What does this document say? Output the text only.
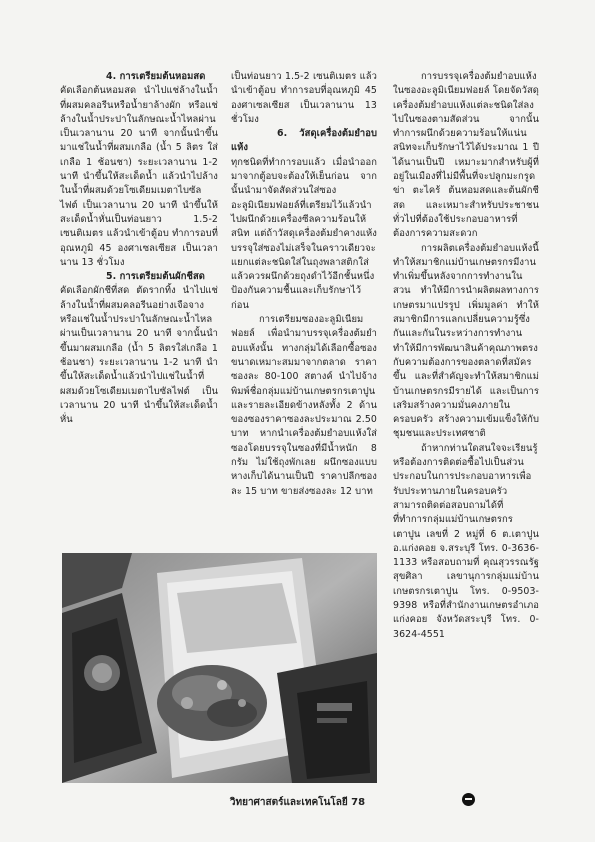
4. การเตรียมต้นหอมสด

คัดเลือกต้นหอมสด นำไปแช่ล้างในน้ำที่ผสมคลอรีนหรือน้ำยาล้างผัก หรือแช่ล้างในน้ำประปาในลักษณะน้ำไหลผ่านเป็นเวลานาน 20 นาที จากนั้นนำขึ้นมาแช่ในน้ำที่ผสมเกลือ (น้ำ 5 ลิตร ใส่เกลือ 1 ช้อนชา) ระยะเวลานาน 1-2 นาที นำขึ้นให้สะเด็ดน้ำ แล้วนำไปล้างในน้ำที่ผสมด้วยโซเดียมเมตาไบซัลไฟต์ เป็นเวลานาน 20 นาที นำขึ้นให้สะเด็ดน้ำหั่นเป็นท่อนยาว 1.5-2 เซนติเมตร แล้วนำเข้าตู้อบ ทำการอบที่อุณหภูมิ 45 องศาเซลเซียส เป็นเวลานาน 13 ชั่วโมง

5. การเตรียมต้นผักชีสด

คัดเลือกผักชีที่สด ตัดรากทิ้ง นำไปแช่ล้างในน้ำที่ผสมคลอรีนอย่างเจือจาง หรือแช่ในน้ำประปาในลักษณะน้ำไหลผ่านเป็นเวลานาน 20 นาที จากนั้นนำขึ้นมาผสมเกลือ (น้ำ 5 ลิตรใส่เกลือ 1 ช้อนชา) ระยะเวลานาน 1-2 นาที นำขึ้นให้สะเด็ดน้ำแล้วนำไปแช่ในน้ำที่ผสมด้วยโซเดียมเมตาไบซัลไฟต์ เป็นเวลานาน 20 นาที นำขึ้นให้สะเด็ดน้ำหั่น

เป็นท่อนยาว 1.5-2 เซนติเมตร แล้วนำเข้าตู้อบ ทำการอบที่อุณหภูมิ 45 องศาเซลเซียส เป็นเวลานาน 13 ชั่วโมง

6. วัสดุเครื่องต้มยำอบแห้ง

ทุกชนิดที่ทำการอบแล้ว เมื่อนำออกมาจากตู้อบจะต้องให้เย็นก่อน จากนั้นนำมาจัดสัดส่วนใส่ซองอะลูมิเนียมฟอยล์ที่เตรียมไว้แล้วนำไปผนึกด้วยเครื่องซีลความร้อนให้สนิท แต่ถ้าวัสดุเครื่องต้มยำคางแห้งบรรจุใส่ซองไม่เสร็จในคราวเดียวจะแยกแต่ละชนิดใส่ในถุงพลาสติกใส่แล้วควรผนึกด้วยถุงดำไว้อีกชั้นหนึ่ง ป้องกันความชื้นและเก็บรักษาไว้ก่อน

การเตรียมซองอะลูมิเนียมฟอยล์ เพื่อนำมาบรรจุเครื่องต้มยำอบแห้งนั้น ทางกลุ่มได้เลือกซื้อซองขนาดเหมาะสมมาจากตลาด ราคาซองละ 80-100 สตางค์ นำไปจ้างพิมพ์ชื่อกลุ่มแม่บ้านเกษตรกรเตาปูน และรายละเอียดข้างหลังทั้ง 2 ด้านของซองราคาซองละประมาณ 2.50 บาท หากนำเครื่องต้มยำอบแห้งใส่ซองโดยบรรจุในซองที่มีน้ำหนัก 8 กรัม ไม่ใช้ถุงพักเลย ผนึกซองแบบหางเก็บได้นานเป็นปี ราคาปลีกซองละ 15 บาท ขายส่งซองละ 12 บาท

การบรรจุเครื่องต้มยำอบแห้งในซองอะลูมิเนียมฟอยล์ โดยจัดวัสดุเครื่องต้มยำอบแห้งแต่ละชนิดใส่ลงไปในซองตามสัดส่วน จากนั้นทำการผนึกด้วยความร้อนให้แน่นสนิทจะเก็บรักษาไว้ได้ประมาณ 1 ปี ได้นานเป็นปี เหมาะมากสำหรับผู้ที่อยู่ในเมืองที่ไม่มีพื้นที่จะปลูกมะกรูด ข่า ตะไคร้ ต้นหอมสดและต้นผักชีสด และเหมาะสำหรับประชาชนทั่วไปที่ต้องใช้ประกอบอาหารที่ต้องการความสะดวก

การผลิตเครื่องต้มยำอบแห้งนี้ ทำให้สมาชิกแม่บ้านเกษตรกรมีงานทำเพิ่มขึ้นหลังจากการทำงานในสวน ทำให้มีการนำผลิตผลทางการเกษตรมาแปรรูป เพิ่มมูลค่า ทำให้สมาชิกมีการแลกเปลี่ยนความรู้ซึ่งกันและกันในระหว่างการทำงาน ทำให้มีการพัฒนาสินค้าคุณภาพตรงกับความต้องการของตลาดที่สมัครขึ้น และที่สำคัญจะทำให้สมาชิกแม่บ้านเกษตรกรมีรายได้ และเป็นการเสริมสร้างความมั่นคงภายในครอบครัว สร้างความเข้มแข็งให้กับชุมชนและประเทศชาติ

ถ้าหากท่านใดสนใจจะเรียนรู้หรือต้องการติดต่อซื้อไปเป็นส่วนประกอบในการประกอบอาหารเพื่อรับประทานภายในครอบครัว สามารถติดต่อสอบถามได้ที่ ที่ทำการกลุ่มแม่บ้านเกษตรกรเตาปูน เลขที่ 2 หมู่ที่ 6 ต.เตาปูน อ.แก่งคอย จ.สระบุรี โทร. 0-3636-1133 หรือสอบถามที่ คุณสุวรรณรัฐ สุขศิลา เลขานุการกลุ่มแม่บ้านเกษตรกรเตาปูน โทร. 0-9503-9398 หรือที่สำนักงานเกษตรอำเภอแก่งคอย จังหวัดสระบุรี โทร. 0-3624-4551

วิทยาศาสตร์และเทคโนโลยี 78
